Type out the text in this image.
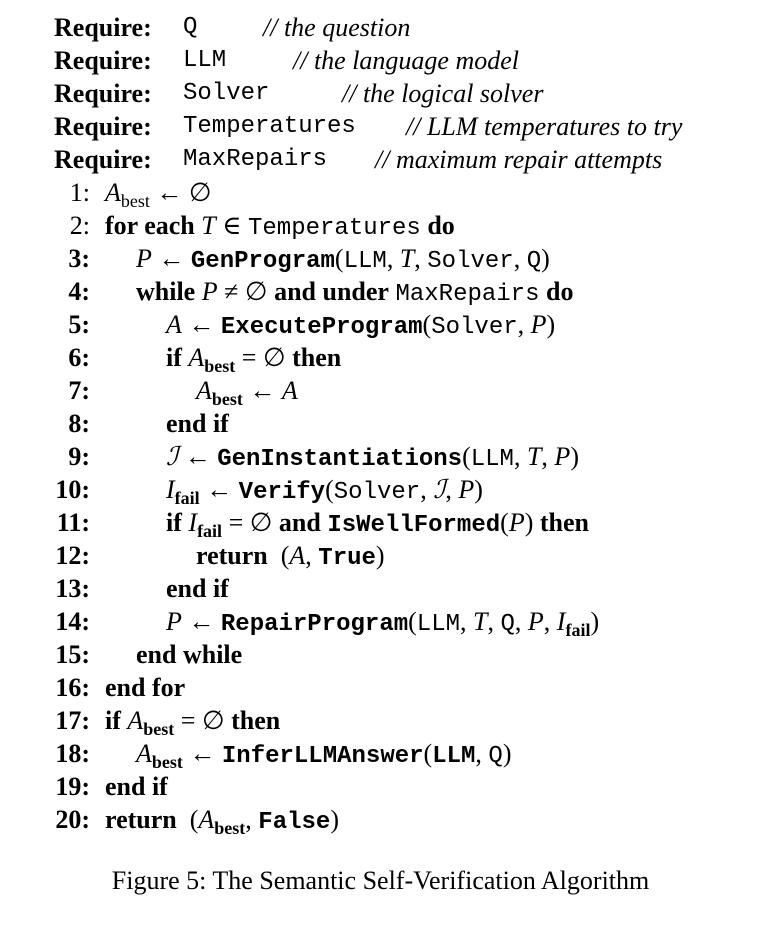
Require: Q	// the question
Require: LLM	// the language model
Require: Solver	// the logical solver
Require: Temperatures // LLM temperatures to try
Require: MaxRepairs // maximum repair attempts
1: $A_{best}$ ← ∅
2: for each T ∈ Temperatures do
3: P ← GenProgram(LLM, T, Solver, Q)
4: while P ≠ ∅ and under MaxRepairs do
5:	A ← ExecuteProgram(Solver, P)
6:	if $A_{best}$ = ∅ then
7:	$A_{best}$ ← A
8:	end if
9:	ℐ ← GenInstantiations(LLM, T, P)
10:	$I_{fail}$ ← Verify(Solver, ℐ, P)
11:	if $I_{fail}$ = ∅ and IsWellFormed(P) then
12:	return (A, True)
13:	end if
14:	P ← RepairProgram(LLM, T, Q, P, $I_{fail}$)
15: end while
16: end for
17: if $A_{best}$ = ∅ then
18: $A_{best}$ ← InferLLMAnswer(LLM, Q)
19: end if
20: return ($A_{best}$, False)
Figure 5: The Semantic Self-Verification Algorithm
